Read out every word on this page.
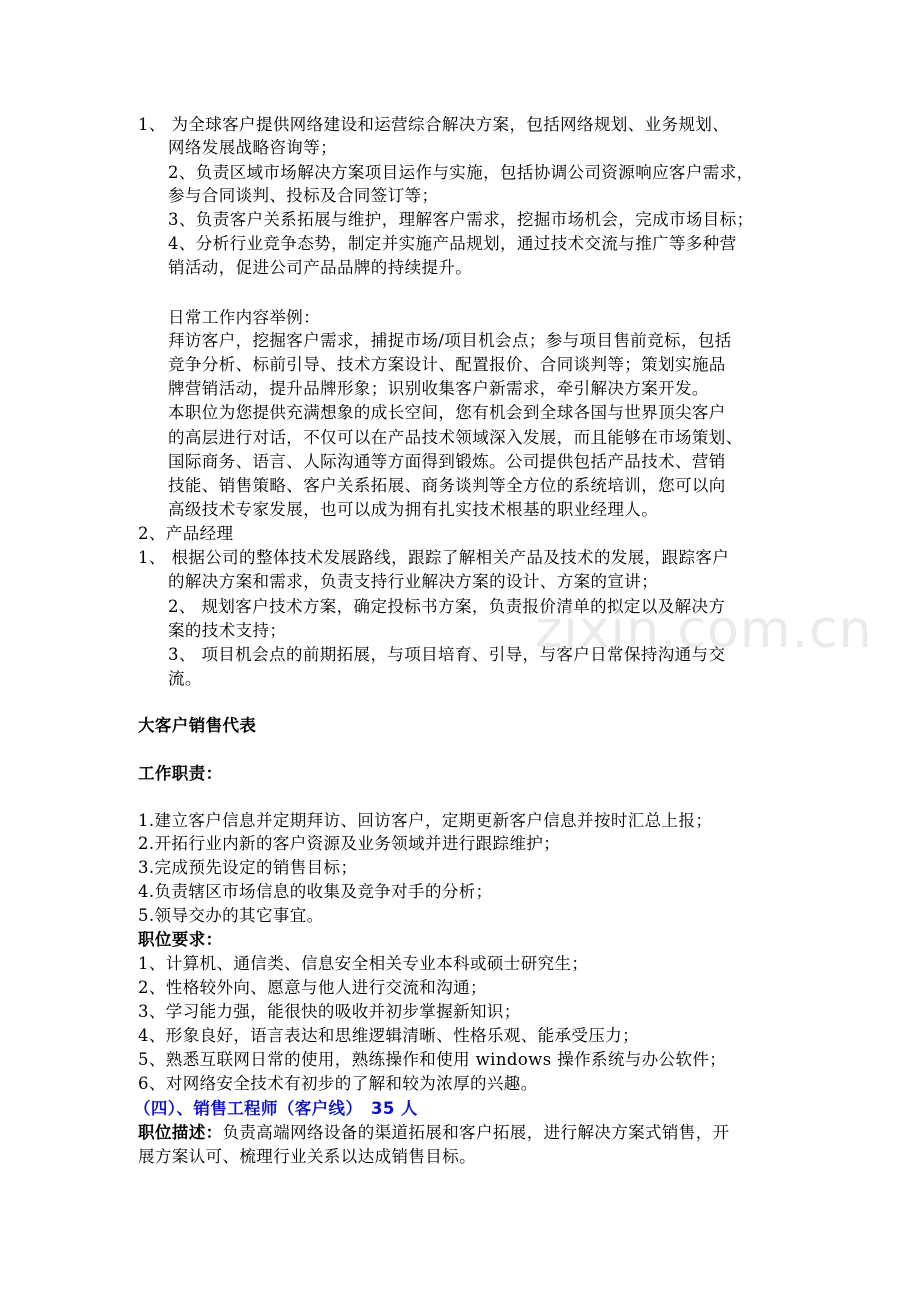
1、 为全球客户提供网络建设和运营综合解决方案，包括网络规划、业务规划、
网络发展战略咨询等；
2、负责区域市场解决方案项目运作与实施，包括协调公司资源响应客户需求，
参与合同谈判、投标及合同签订等；
3、负责客户关系拓展与维护，理解客户需求，挖掘市场机会，完成市场目标；
4、分析行业竞争态势，制定并实施产品规划，通过技术交流与推广等多种营
销活动，促进公司产品品牌的持续提升。
日常工作内容举例：
拜访客户，挖掘客户需求，捕捉市场/项目机会点；参与项目售前竞标，包括
竞争分析、标前引导、技术方案设计、配置报价、合同谈判等；策划实施品
牌营销活动，提升品牌形象；识别收集客户新需求，牵引解决方案开发。
本职位为您提供充满想象的成长空间，您有机会到全球各国与世界顶尖客户
的高层进行对话，不仅可以在产品技术领域深入发展，而且能够在市场策划、
国际商务、语言、人际沟通等方面得到锻炼。公司提供包括产品技术、营销
技能、销售策略、客户关系拓展、商务谈判等全方位的系统培训，您可以向
高级技术专家发展，也可以成为拥有扎实技术根基的职业经理人。
2、产品经理
1、 根据公司的整体技术发展路线，跟踪了解相关产品及技术的发展，跟踪客户
的解决方案和需求，负责支持行业解决方案的设计、方案的宣讲；
2、 规划客户技术方案，确定投标书方案，负责报价清单的拟定以及解决方
案的技术支持；
3、 项目机会点的前期拓展，与项目培育、引导，与客户日常保持沟通与交
流。
大客户销售代表
工作职责：
1.建立客户信息并定期拜访、回访客户，定期更新客户信息并按时汇总上报；
2.开拓行业内新的客户资源及业务领域并进行跟踪维护；
3.完成预先设定的销售目标；
4.负责辖区市场信息的收集及竞争对手的分析；
5.领导交办的其它事宜。
职位要求：
1、计算机、通信类、信息安全相关专业本科或硕士研究生；
2、性格较外向、愿意与他人进行交流和沟通；
3、学习能力强，能很快的吸收并初步掌握新知识；
4、形象良好，语言表达和思维逻辑清晰、性格乐观、能承受压力；
5、熟悉互联网日常的使用，熟练操作和使用 windows 操作系统与办公软件；
6、对网络安全技术有初步的了解和较为浓厚的兴趣。
（四）、销售工程师（客户线）　35 人
职位描述：负责高端网络设备的渠道拓展和客户拓展，进行解决方案式销售，开
展方案认可、梳理行业关系以达成销售目标。
zixin.com.cn
